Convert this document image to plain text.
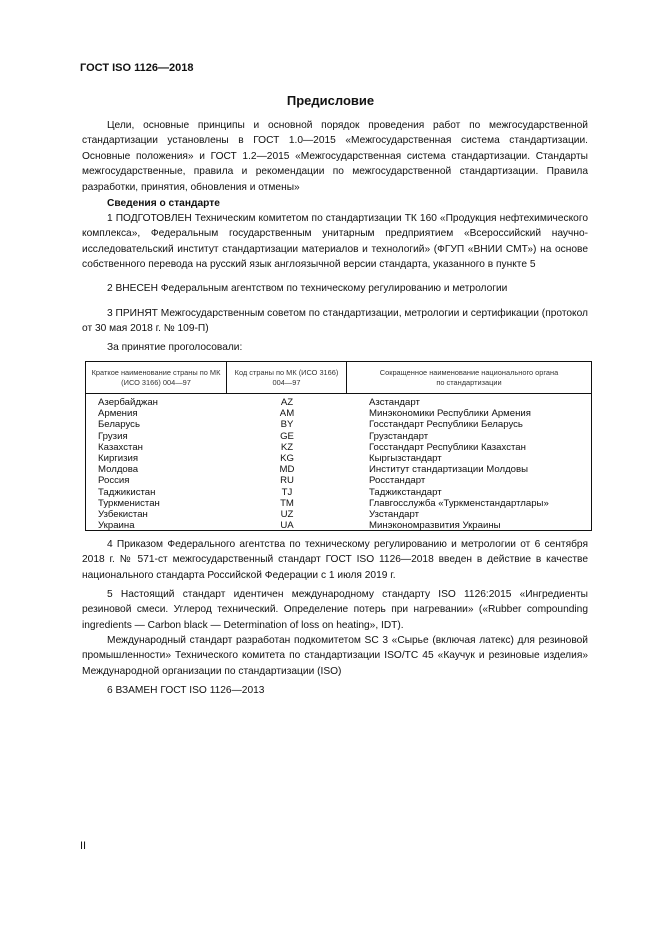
ГОСТ ISO 1126—2018
Предисловие
Цели, основные принципы и основной порядок проведения работ по межгосударственной стандартизации установлены в ГОСТ 1.0—2015 «Межгосударственная система стандартизации. Основные положения» и ГОСТ 1.2—2015 «Межгосударственная система стандартизации. Стандарты межгосударственные, правила и рекомендации по межгосударственной стандартизации. Правила разработки, принятия, обновления и отмены»
Сведения о стандарте
1 ПОДГОТОВЛЕН Техническим комитетом по стандартизации ТК 160 «Продукция нефтехимического комплекса», Федеральным государственным унитарным предприятием «Всероссийский научно-исследовательский институт стандартизации материалов и технологий» (ФГУП «ВНИИ СМТ») на основе собственного перевода на русский язык англоязычной версии стандарта, указанного в пункте 5
2 ВНЕСЕН Федеральным агентством по техническому регулированию и метрологии
3 ПРИНЯТ Межгосударственным советом по стандартизации, метрологии и сертификации (протокол от 30 мая 2018 г. № 109-П)
За принятие проголосовали:
Краткое наименование страны по МК (ИСО 3166) 004—97
Код страны по МК (ИСО 3166) 004—97
Сокращенное наименование национального органа по стандартизации
Азербайджан
Армения
Беларусь
Грузия
Казахстан
Киргизия
Молдова
Россия
Таджикистан
Туркменистан
Узбекистан
Украина
AZ
AM
BY
GE
KZ
KG
MD
RU
TJ
TM
UZ
UA
Азстандарт
Минэкономики Республики Армения
Госстандарт Республики Беларусь
Грузстандарт
Госстандарт Республики Казахстан
Кыргызстандарт
Институт стандартизации Молдовы
Росстандарт
Таджикстандарт
Главгосслужба «Туркменстандартлары»
Узстандарт
Минэкономразвития Украины
4 Приказом Федерального агентства по техническому регулированию и метрологии от 6 сентября 2018 г. № 571-ст межгосударственный стандарт ГОСТ ISO 1126—2018 введен в действие в качестве национального стандарта Российской Федерации с 1 июля 2019 г.
5 Настоящий стандарт идентичен международному стандарту ISO 1126:2015 «Ингредиенты резиновой смеси. Углерод технический. Определение потерь при нагревании» («Rubber compounding ingredients — Carbon black — Determination of loss on heating», IDT).
Международный стандарт разработан подкомитетом SC 3 «Сырье (включая латекс) для резиновой промышленности» Технического комитета по стандартизации ISO/TC 45 «Каучук и резиновые изделия» Международной организации по стандартизации (ISO)
6 ВЗАМЕН ГОСТ ISO 1126—2013
II
